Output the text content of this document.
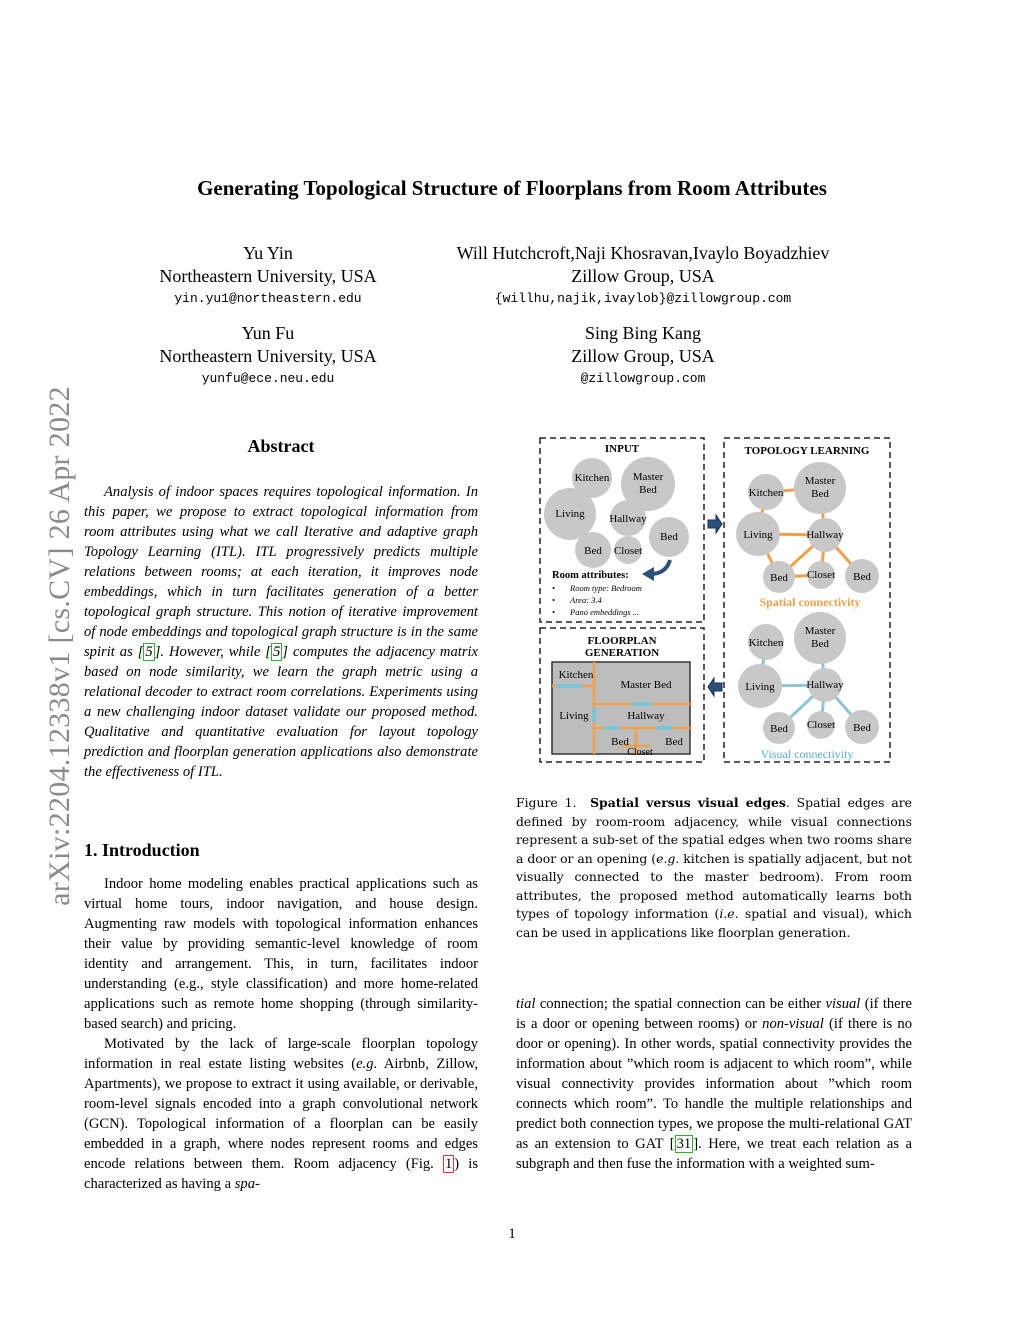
arXiv:2204.12338v1 [cs.CV] 26 Apr 2022
Generating Topological Structure of Floorplans from Room Attributes
Yu Yin
Northeastern University, USA
yin.yu1@northeastern.edu
Will Hutchcroft,Naji Khosravan,Ivaylo Boyadzhiev
Zillow Group, USA
{willhu,najik,ivaylob}@zillowgroup.com
Yun Fu
Northeastern University, USA
yunfu@ece.neu.edu
Sing Bing Kang
Zillow Group, USA
@zillowgroup.com
Abstract

Analysis of indoor spaces requires topological information. In this paper, we propose to extract topological information from room attributes using what we call Iterative and adaptive graph Topology Learning (ITL). ITL progressively predicts multiple relations between rooms; at each iteration, it improves node embeddings, which in turn facilitates generation of a better topological graph structure. This notion of iterative improvement of node embeddings and topological graph structure is in the same spirit as [ 5 ]. However, while [ 5 ] computes the adjacency matrix based on node similarity, we learn the graph metric using a relational decoder to extract room correlations. Experiments using a new challenging indoor dataset validate our proposed method. Qualitative and quantitative evaluation for layout topology prediction and floorplan generation applications also demonstrate the effectiveness of ITL.

1. Introduction

Indoor home modeling enables practical applications such as virtual home tours, indoor navigation, and house design. Augmenting raw models with topological information enhances their value by providing semantic-level knowledge of room identity and arrangement. This, in turn, facilitates indoor understanding (e.g., style classification) and more home-related applications such as remote home shopping (through similarity-based search) and pricing.

Motivated by the lack of large-scale floorplan topology information in real estate listing websites (e.g. Airbnb, Zillow, Apartments), we propose to extract it using available, or derivable, room-level signals encoded into a graph convolutional network (GCN). Topological information of a floorplan can be easily embedded in a graph, where nodes represent rooms and edges encode relations between them. Room adjacency (Fig. 1 ) is characterized as having a spa-

INPUT	TOPOLOGY LEARNING
FLOORPLAN
GENERATION
Kitchen Master
Bed
Living Hallway
Bed
Bed Closet
Room attributes:
• Room type: Bedroom
• Area: 3.4
• Pano embeddings ...
Kitchen
Master
Bed
Living	Hallway
Bed Closet Bed
Spatial connectivity
Kitchen
Master
Bed
Living	Hallway
Bed Closet Bed
Visual connectivity
Kitchen
Master Bed
Living	Hallway
Bed	Bed
Closet
Figure 1. Spatial versus visual edges. Spatial edges are defined by room-room adjacency, while visual connections represent a sub-set of the spatial edges when two rooms share a door or an opening (e.g. kitchen is spatially adjacent, but not visually connected to the master bedroom). From room attributes, the proposed method automatically learns both types of topology information (i.e. spatial and visual), which can be used in applications like floorplan generation.

tial connection; the spatial connection can be either visual (if there is a door or opening between rooms) or non-visual (if there is no door or opening). In other words, spatial connectivity provides the information about ”which room is adjacent to which room”, while visual connectivity provides information about ”which room connects which room”. To handle the multiple relationships and predict both connection types, we propose the multi-relational GAT as an extension to GAT [ 31 ]. Here, we treat each relation as a subgraph and then fuse the information with a weighted sum-

1
